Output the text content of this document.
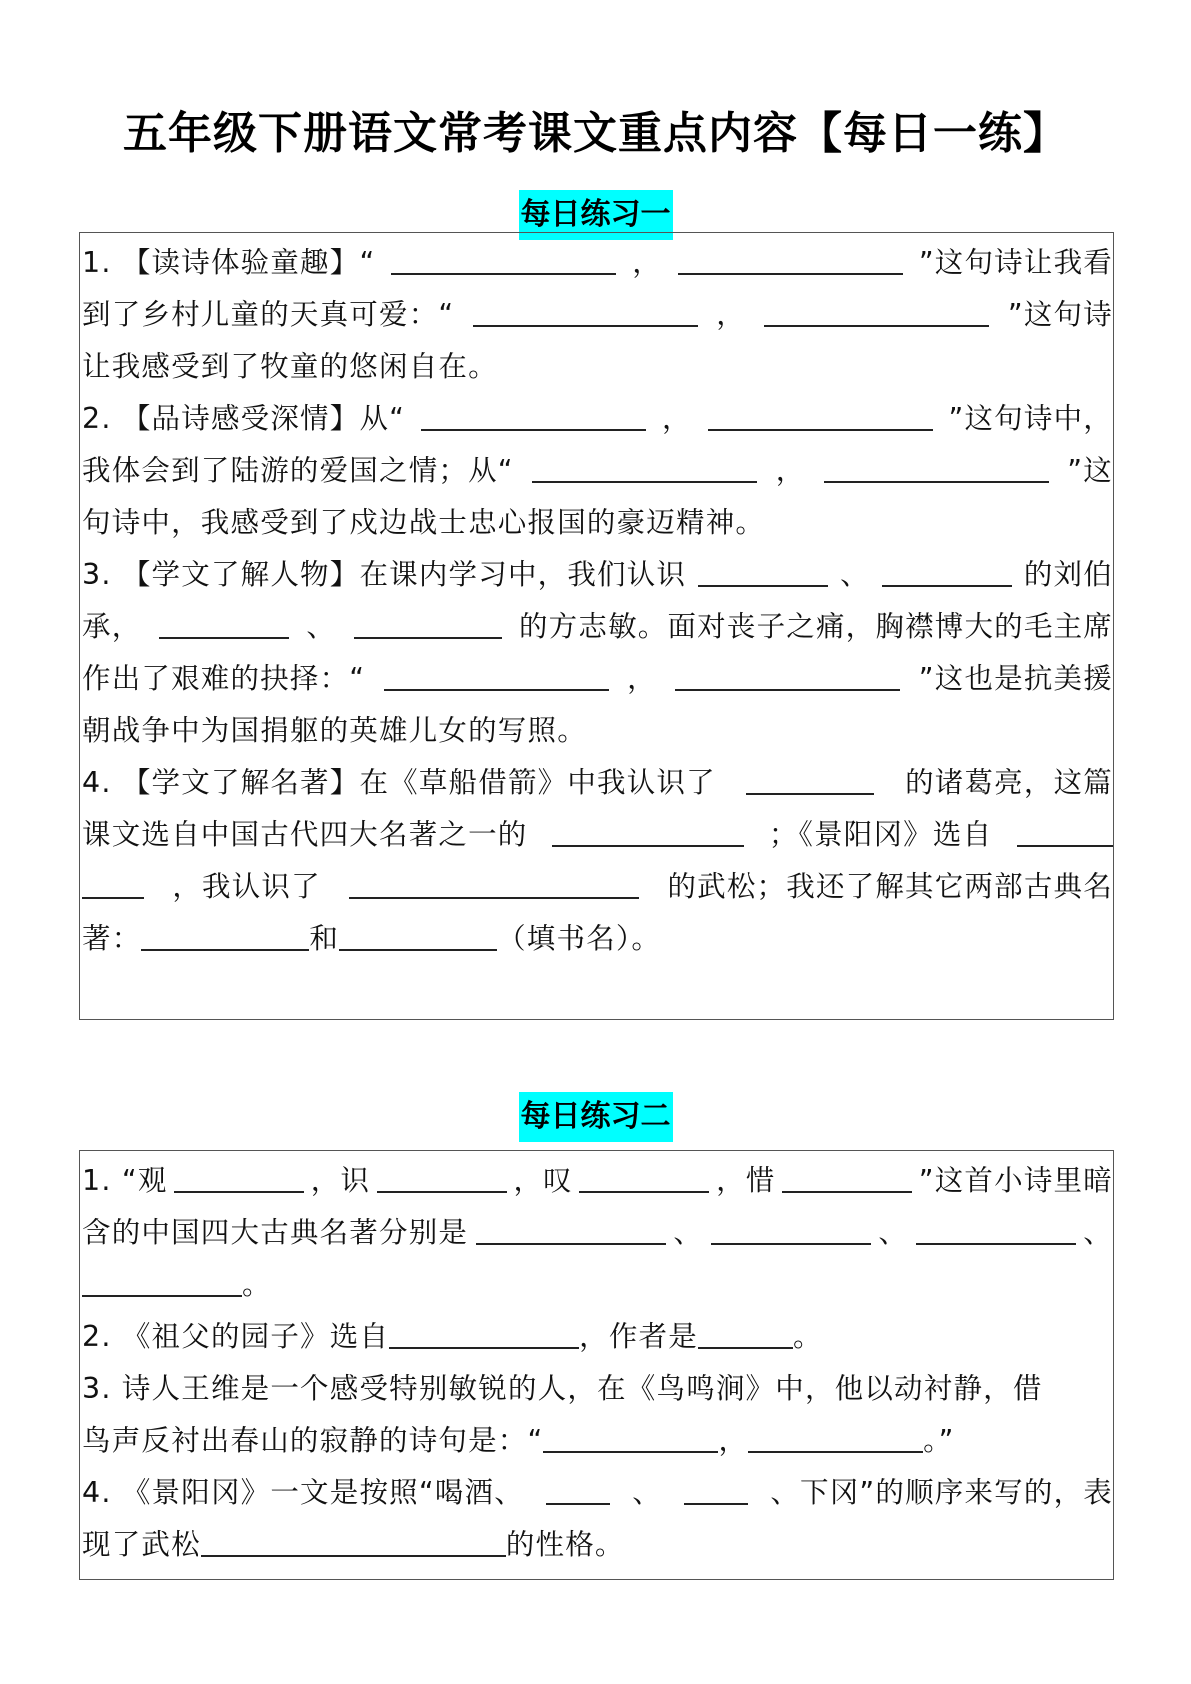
五年级下册语文常考课文重点内容【每日一练】
每日练习一
1. 【读诗体验童趣】“	，	”这句诗让我看
到了乡村儿童的天真可爱：“	，	”这句诗
让我感受到了牧童的悠闲自在。
2. 【品诗感受深情】从“	，	”这句诗中，
我体会到了陆游的爱国之情；从“	，	”这
句诗中，我感受到了戍边战士忠心报国的豪迈精神。
3. 【学文了解人物】在课内学习中，我们认识	、	的刘伯
承，	、	的方志敏。面对丧子之痛，胸襟博大的毛主席
作出了艰难的抉择：“	，	”这也是抗美援
朝战争中为国捐躯的英雄儿女的写照。
4. 【学文了解名著】在《草船借箭》中我认识了	的诸葛亮，这篇
课文选自中国古代四大名著之一的	；《景阳冈》选自
，我认识了	的武松；我还了解其它两部古典名
著：	和	（填书名）。
每日练习二
1. “观	，识	，叹	，惜	”这首小诗里暗
含的中国四大古典名著分别是	、	、	、
。
2. 《祖父的园子》选自	，作者是	。
3. 诗人王维是一个感受特别敏锐的人，在《鸟鸣涧》中，他以动衬静，借
鸟声反衬出春山的寂静的诗句是：“	，	。”
4. 《景阳冈》一文是按照“喝酒、	、	、下冈”的顺序来写的，表
现了武松	的性格。
